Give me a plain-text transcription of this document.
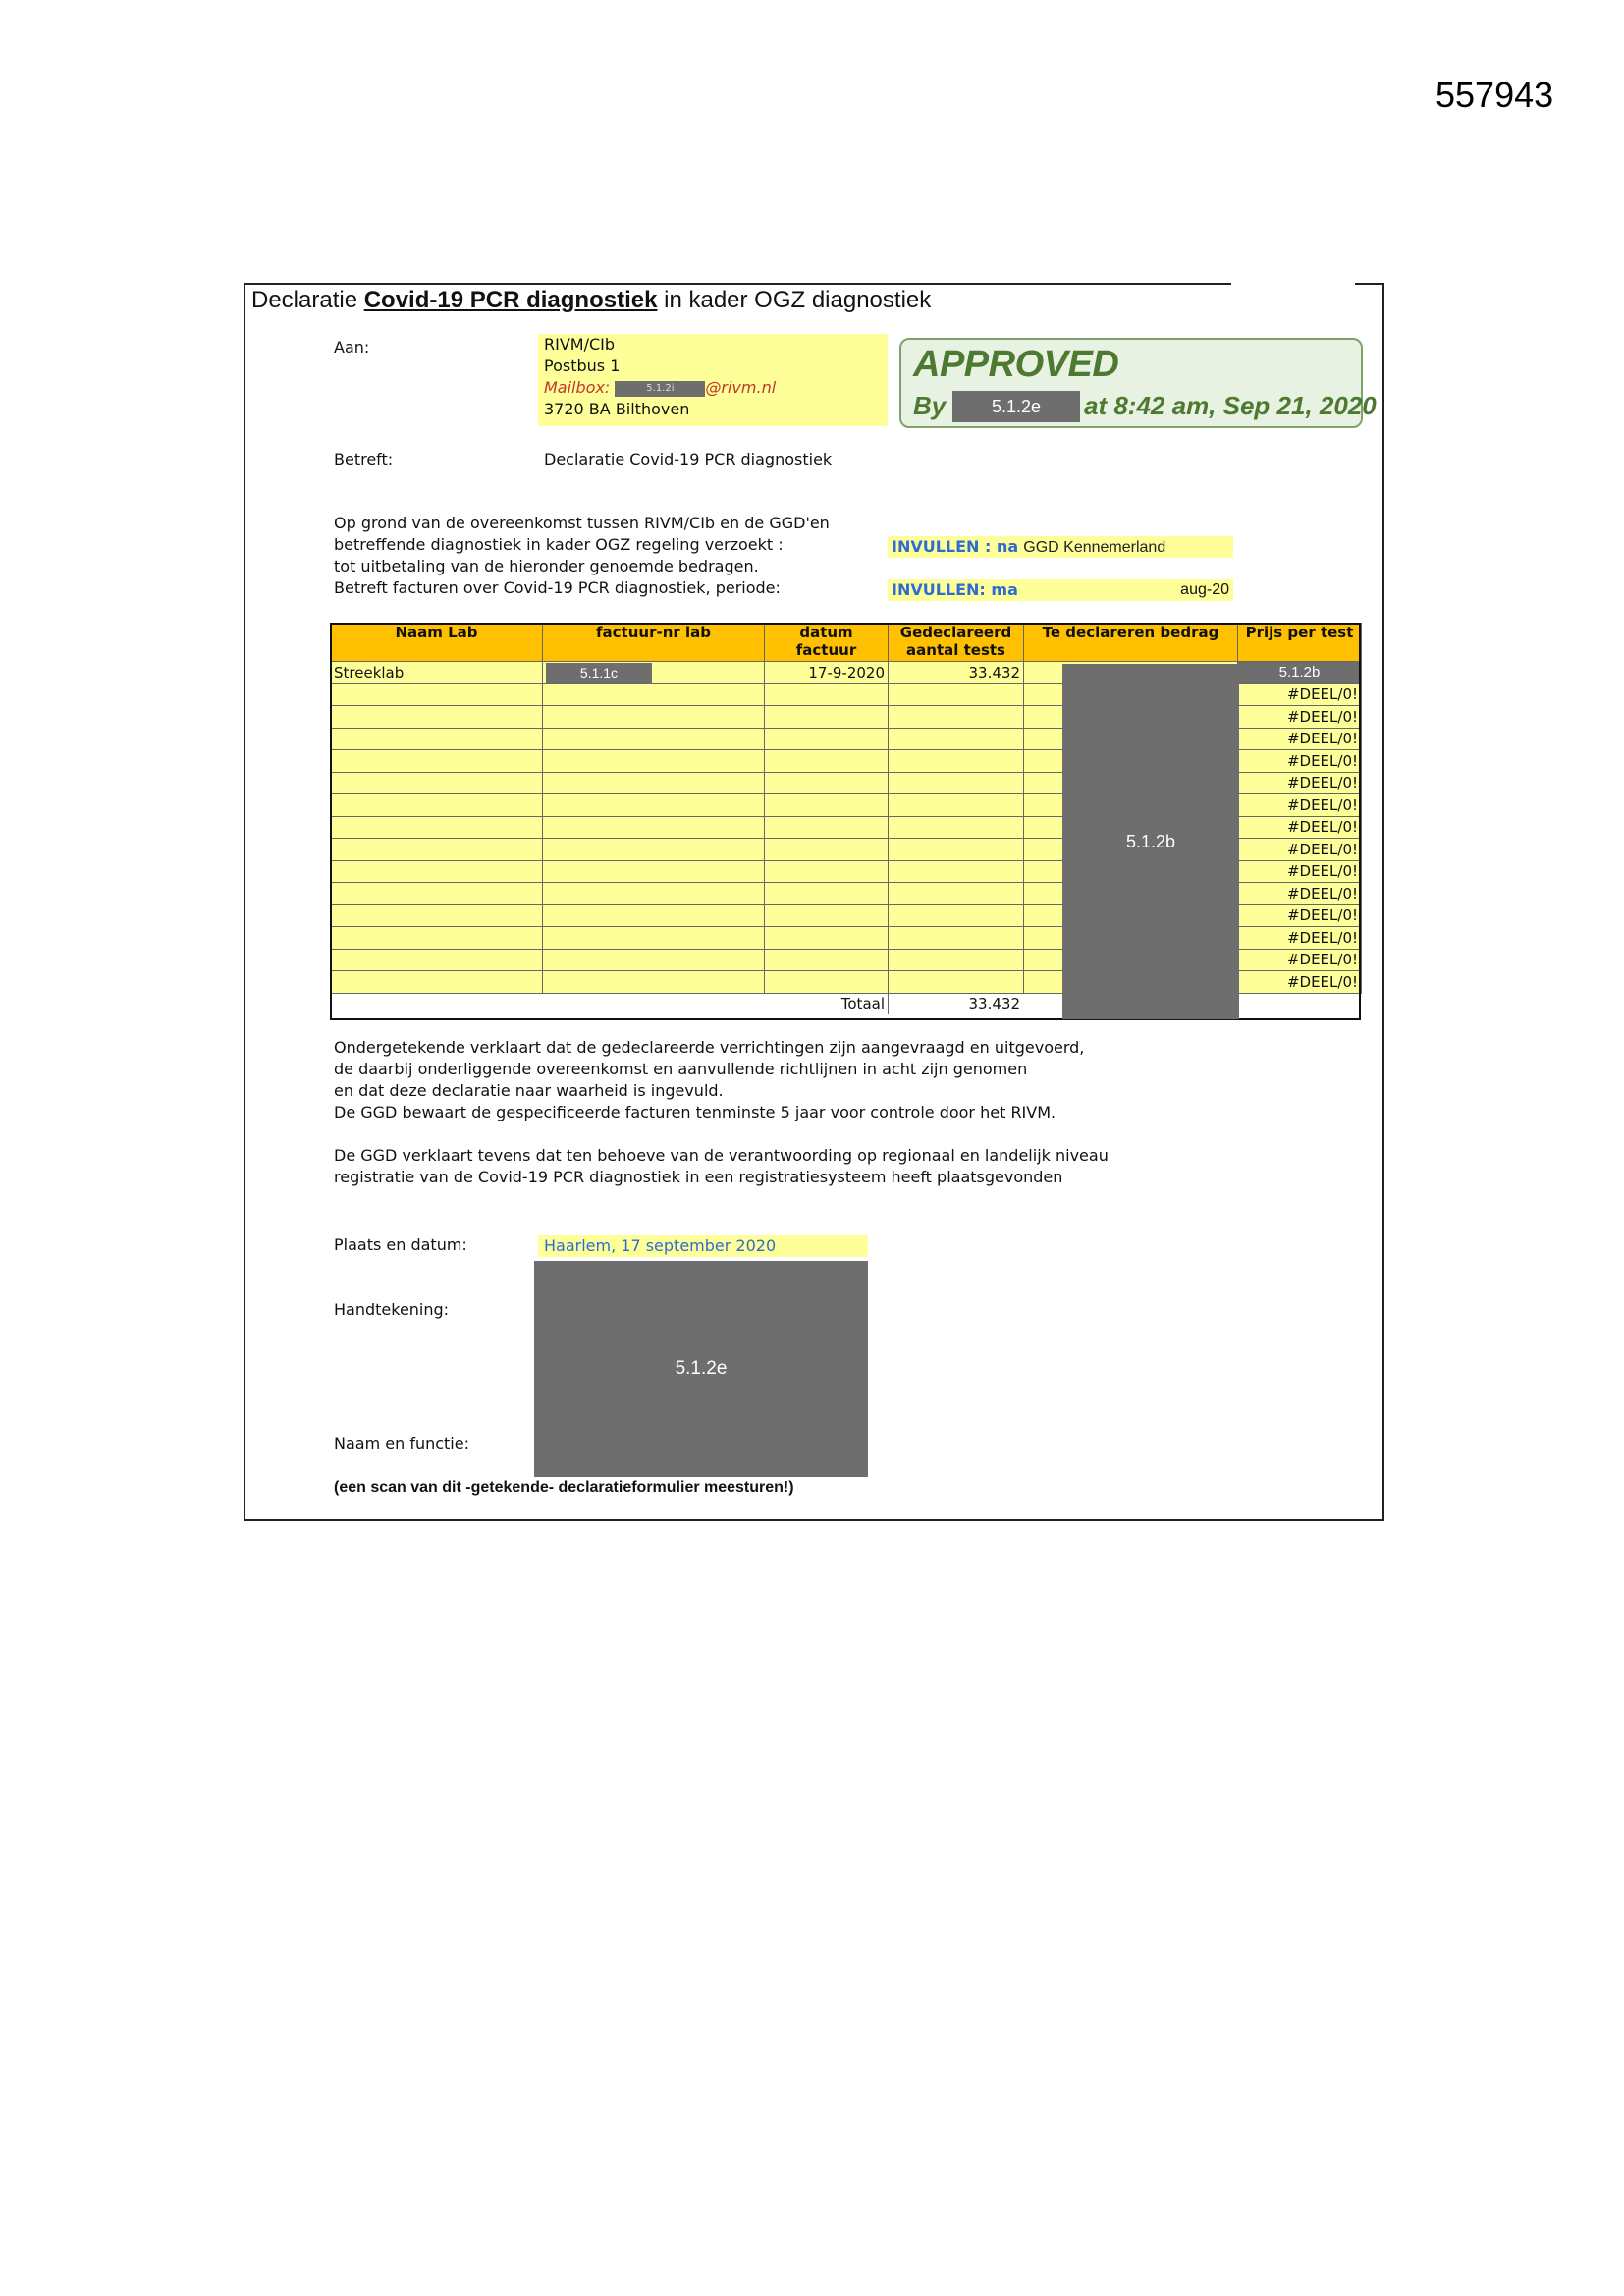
557943
Declaratie Covid-19 PCR diagnostiek in kader OGZ diagnostiek
Aan:	RIVM/CIb
Postbus 1
Mailbox:	5.1.2i @rivm.nl
3720 BA Bilthoven
APPROVED
By	5.1.2e	at 8:42 am, Sep 21, 2020
Betreft:	Declaratie Covid-19 PCR diagnostiek
Op grond van de overeenkomst tussen RIVM/CIb en de GGD'en
betreffende diagnostiek in kader OGZ regeling verzoekt :
tot uitbetaling van de hieronder genoemde bedragen.
Betreft facturen over Covid-19 PCR diagnostiek, periode:
INVULLEN : na GGD Kennemerland
INVULLEN: ma	aug-20
Naam Lab	factuur-nr lab	datum factuur	Gedeclareerd aantal tests	Te declareren bedrag	Prijs per test
Streeklab	5.1.1c	17-9-2020	33.432		5.1.2b
					#DEEL/0!
					#DEEL/0!
					#DEEL/0!
					#DEEL/0!
					#DEEL/0!
					#DEEL/0!
					#DEEL/0!
					#DEEL/0!
					#DEEL/0!
					#DEEL/0!
					#DEEL/0!
					#DEEL/0!
					#DEEL/0!
					#DEEL/0!
		Totaal	33.432		
5.1.2b
Ondergetekende verklaart dat de gedeclareerde verrichtingen zijn aangevraagd en uitgevoerd,
de daarbij onderliggende overeenkomst en aanvullende richtlijnen in acht zijn genomen
en dat deze declaratie naar waarheid is ingevuld.
De GGD bewaart de gespecificeerde facturen tenminste 5 jaar voor controle door het RIVM.
De GGD verklaart tevens dat ten behoeve van de verantwoording op regionaal en landelijk niveau
registratie van de Covid-19 PCR diagnostiek in een registratiesysteem heeft plaatsgevonden
Plaats en datum:	Haarlem, 17 september 2020
Handtekening:
5.1.2e
Naam en functie:
(een scan van dit -getekende- declaratieformulier meesturen!)
